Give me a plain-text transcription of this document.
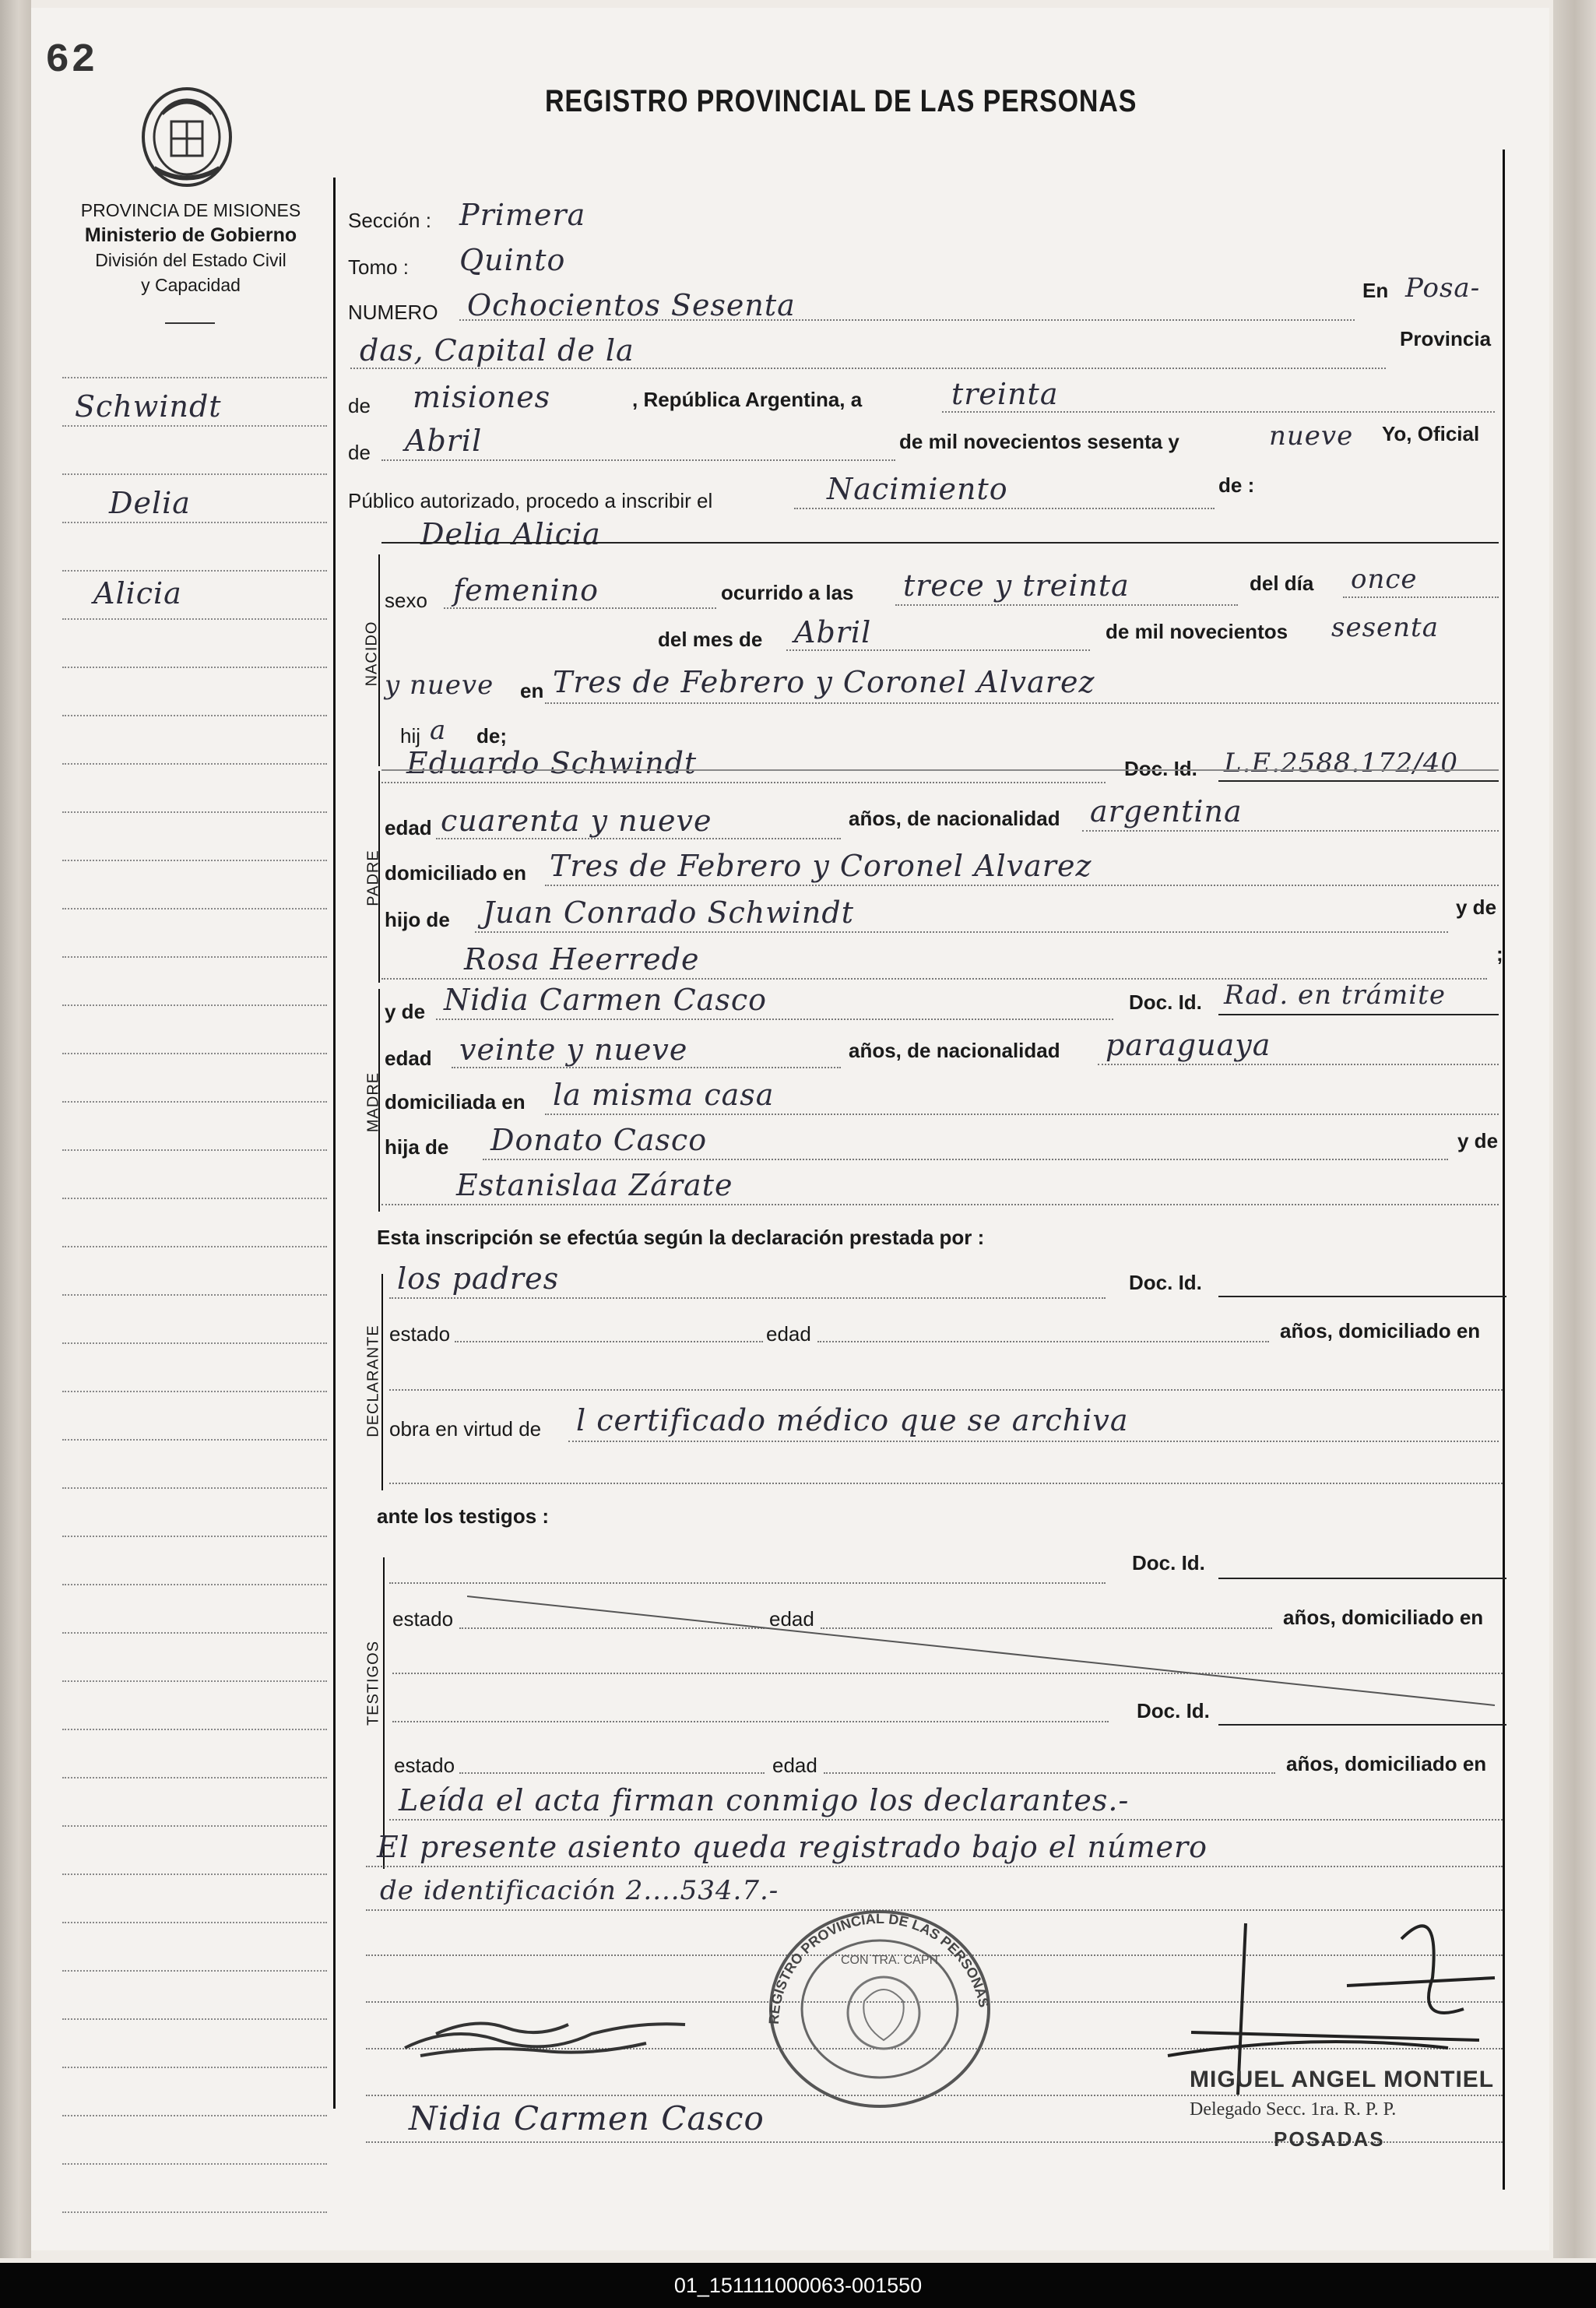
62
PROVINCIA DE MISIONES
Ministerio de Gobierno
División del Estado Civil
y Capacidad
REGISTRO PROVINCIAL DE LAS PERSONAS
Schwindt
Delia
Alicia
Sección : Primera
Tomo : Quinto
NUMERO Ochocientos Sesenta	En Posa-
das, Capital de la	Provincia
de misiones	, República Argentina, a	treinta
de Abril	de mil novecientos sesenta y	nueve Yo, Oficial
Público autorizado, procedo a inscribir el	Nacimiento	de :
Delia Alicia
NACIDO
sexo femenino	ocurrido a las trece y treinta	del día once
del mes de Abril	de mil novecientos sesenta
y nueve en Tres de Febrero y Coronel Alvarez
hij a de;
Eduardo Schwindt	Doc. Id. L.E.2588.172/40
PADRE
edad cuarenta y nueve	años, de nacionalidad argentina
domiciliado en Tres de Febrero y Coronel Alvarez
hijo de Juan Conrado Schwindt	y de
Rosa Heerrede	;
y de Nidia Carmen Casco	Doc. Id. Rad. en trámite
MADRE
edad veinte y nueve	años, de nacionalidad paraguaya
domiciliada en la misma casa
hija de Donato Casco	y de
Estanislaa Zárate
Esta inscripción se efectúa según la declaración prestada por :
los padres	Doc. Id.
DECLARANTE estado	edad	años, domiciliado en
obra en virtud de l certificado médico que se archiva
ante los testigos :
Doc. Id.
TESTIGOS
estado	edad	años, domiciliado en
Doc. Id.
estado	edad	años, domiciliado en
Leída el acta firman conmigo los declarantes.-
El presente asiento queda registrado bajo el número
de identificación 2....534.7.-
REGISTRO PROVINCIAL DE LAS PERSONAS
CON TRA. CAPIT
Nidia Carmen Casco
MIGUEL ANGEL MONTIEL
Delegado Secc. 1ra. R. P. P.
POSADAS
01_151111000063-001550
